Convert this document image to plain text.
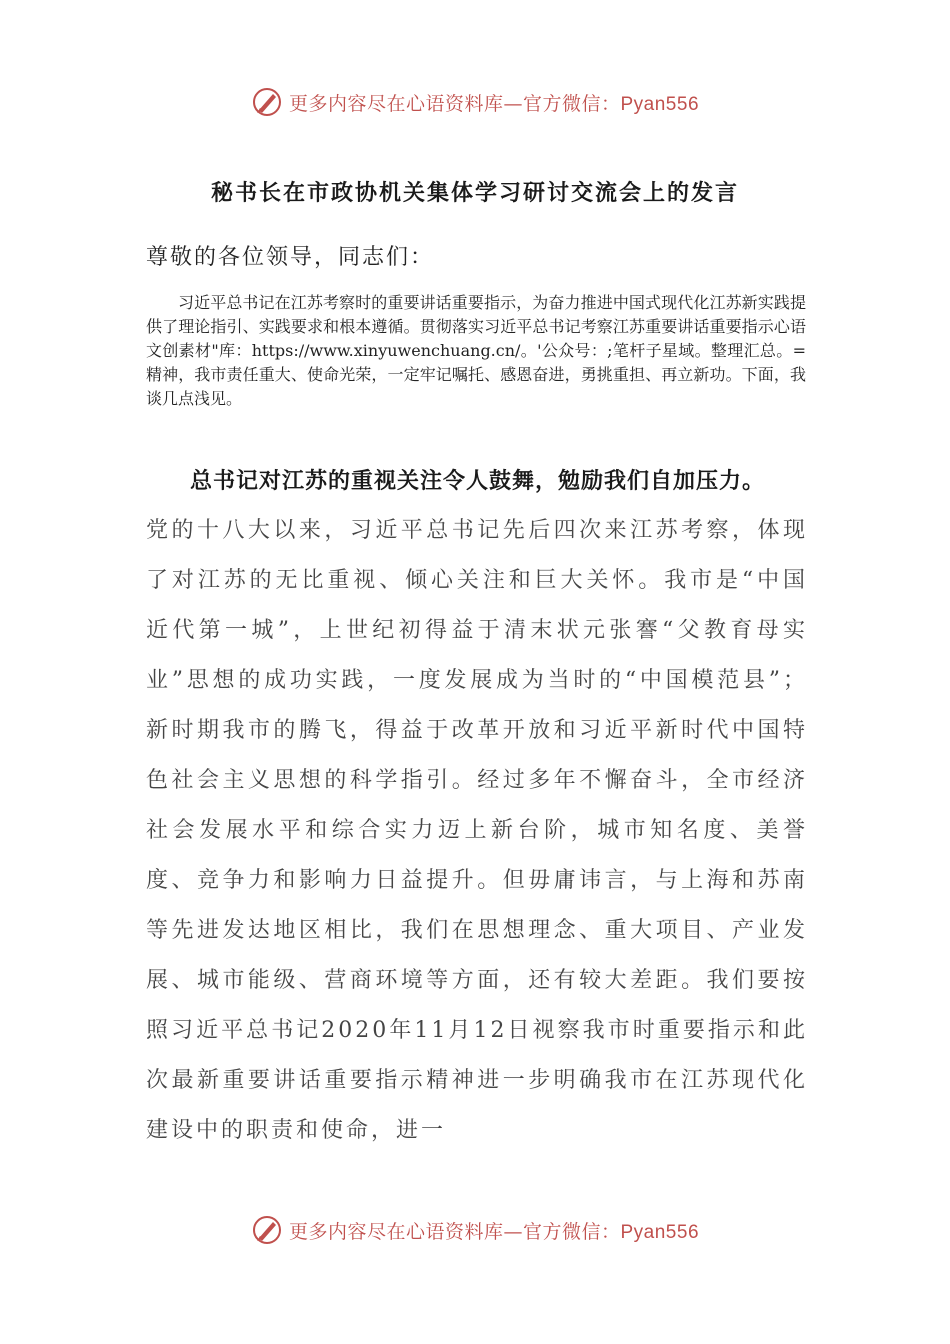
更多内容尽在心语资料库—官方微信：Pyan556
秘书长在市政协机关集体学习研讨交流会上的发言
尊敬的各位领导，同志们：
习近平总书记在江苏考察时的重要讲话重要指示，为奋力推进中国式现代化江苏新实践提供了理论指引、实践要求和根本遵循。贯彻落实习近平总书记考察江苏重要讲话重要指示心语文创素材"库：https://www.xinyuwenchuang.cn/。'公众号：;笔杆子星域。整理汇总。=精神，我市责任重大、使命光荣，一定牢记嘱托、感恩奋进，勇挑重担、再立新功。下面，我谈几点浅见。
总书记对江苏的重视关注令人鼓舞，勉励我们自加压力。

党的十八大以来，习近平总书记先后四次来江苏考察，体现了对江苏的无比重视、倾心关注和巨大关怀。我市是“中国近代第一城”，上世纪初得益于清末状元张謇“父教育母实业”思想的成功实践，一度发展成为当时的“中国模范县”；新时期我市的腾飞，得益于改革开放和习近平新时代中国特色社会主义思想的科学指引。经过多年不懈奋斗，全市经济社会发展水平和综合实力迈上新台阶，城市知名度、美誉度、竞争力和影响力日益提升。但毋庸讳言，与上海和苏南等先进发达地区相比，我们在思想理念、重大项目、产业发展、城市能级、营商环境等方面，还有较大差距。我们要按照习近平总书记2020年11月12日视察我市时重要指示和此次最新重要讲话重要指示精神进一步明确我市在江苏现代化建设中的职责和使命，进一

更多内容尽在心语资料库—官方微信：Pyan556
